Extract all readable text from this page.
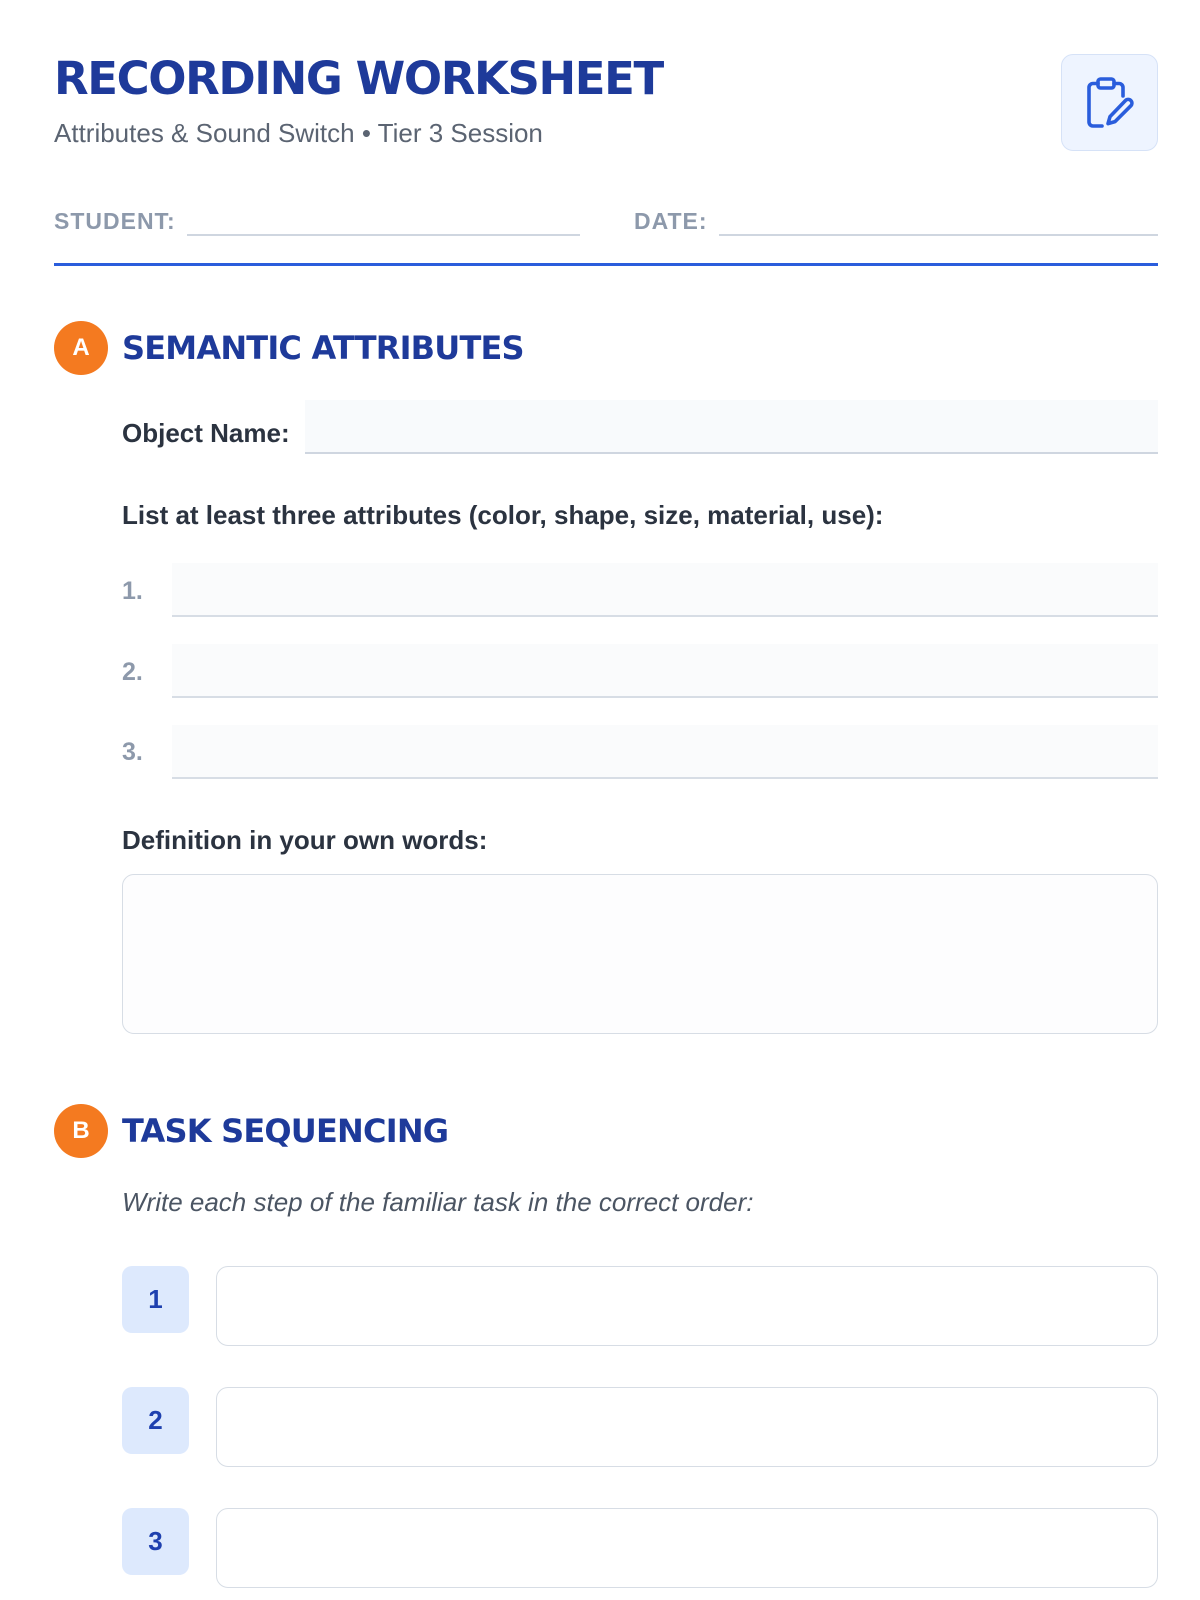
RECORDING WORKSHEET
Attributes & Sound Switch • Tier 3 Session
STUDENT:	DATE:
A	SEMANTIC ATTRIBUTES
Object Name:
List at least three attributes (color, shape, size, material, use):
1.
2.
3.
Definition in your own words:
B	TASK SEQUENCING
Write each step of the familiar task in the correct order:
1
2
3
